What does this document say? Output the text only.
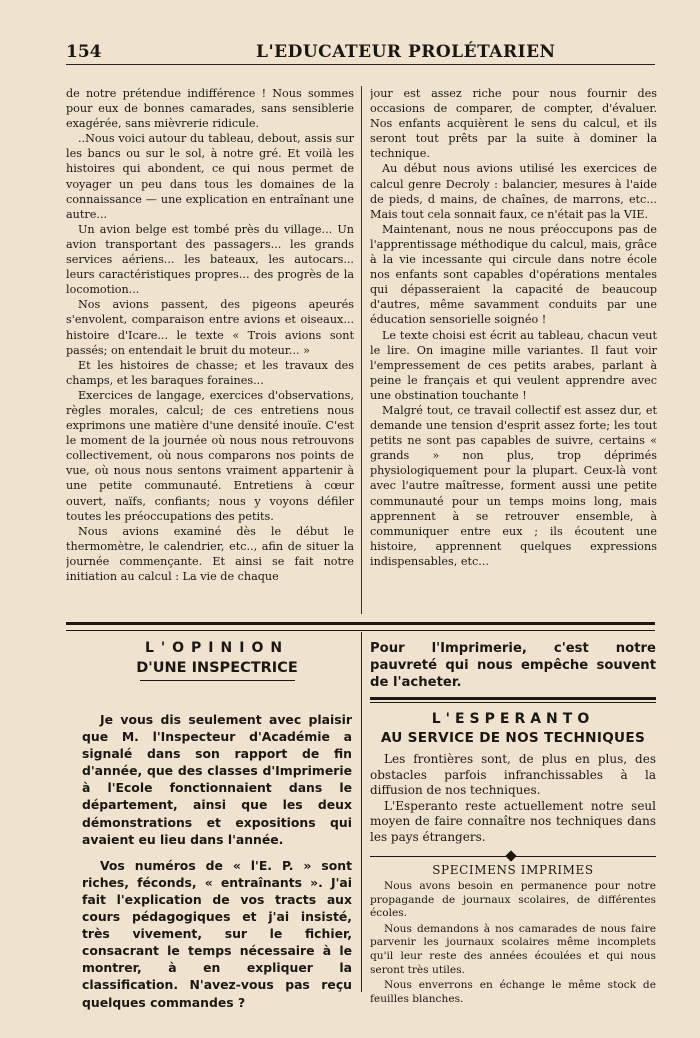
154	L'EDUCATEUR PROLÉTARIEN

de notre prétendue indifférence ! Nous sommes pour eux de bonnes camarades, sans sensiblerie exagérée, sans mièvrerie ridicule.

..Nous voici autour du tableau, debout, assis sur les bancs ou sur le sol, à notre gré. Et voilà les histoires qui abondent, ce qui nous permet de voyager un peu dans tous les domaines de la connaissance — une explication en entraînant une autre...

Un avion belge est tombé près du village... Un avion transportant des passagers... les grands services aériens... les bateaux, les autocars... leurs caractéristiques propres... des progrès de la locomotion...

Nos avions passent, des pigeons apeurés s'envolent, comparaison entre avions et oiseaux... histoire d'Icare... le texte « Trois avions sont passés; on entendait le bruit du moteur... »

Et les histoires de chasse; et les travaux des champs, et les baraques foraines...

Exercices de langage, exercices d'observations, règles morales, calcul; de ces entretiens nous exprimons une matière d'une densité inouïe. C'est le moment de la journée où nous nous retrouvons collectivement, où nous comparons nos points de vue, où nous nous sentons vraiment appartenir à une petite communauté. Entretiens à cœur ouvert, naïfs, confiants; nous y voyons défiler toutes les préoccupations des petits.

Nous avions examiné dès le début le thermomètre, le calendrier, etc.., afin de situer la journée commençante. Et ainsi se fait notre initiation au calcul : La vie de chaque

jour est assez riche pour nous fournir des occasions de comparer, de compter, d'évaluer. Nos enfants acquièrent le sens du calcul, et ils seront tout prêts par la suite à dominer la technique.

Au début nous avions utilisé les exercices de calcul genre Decroly : balancier, mesures à l'aide de pieds, d mains, de chaînes, de marrons, etc... Mais tout cela sonnait faux, ce n'était pas la VIE.

Maintenant, nous ne nous préoccupons pas de l'apprentissage méthodique du calcul, mais, grâce à la vie incessante qui circule dans notre école nos enfants sont capables d'opérations mentales qui dépasseraient la capacité de beaucoup d'autres, même savamment conduits par une éducation sensorielle soignéo !

Le texte choisi est écrit au tableau, chacun veut le lire. On imagine mille variantes. Il faut voir l'empressement de ces petits arabes, parlant à peine le français et qui veulent apprendre avec une obstination touchante !

Malgré tout, ce travail collectif est assez dur, et demande une tension d'esprit assez forte; les tout petits ne sont pas capables de suivre, certains « grands » non plus, trop déprimés physiologiquement pour la plupart. Ceux-là vont avec l'autre maîtresse, forment aussi une petite communauté pour un temps moins long, mais apprennent à se retrouver ensemble, à communiquer entre eux ; ils écoutent une histoire, apprennent quelques expressions indispensables, etc...

L'OPINION
D'UNE INSPECTRICE

Je vous dis seulement avec plaisir que M. l'Inspecteur d'Académie a signalé dans son rapport de fin d'année, que des classes d'Imprimerie à l'Ecole fonctionnaient dans le département, ainsi que les deux démonstrations et expositions qui avaient eu lieu dans l'année.

Vos numéros de « l'E. P. » sont riches, féconds, « entraînants ». J'ai fait l'explication de vos tracts aux cours pédagogiques et j'ai insisté, très vivement, sur le fichier, consacrant le temps nécessaire à le montrer, à en expliquer la classification. N'avez-vous pas reçu quelques commandes ?

Pour l'Imprimerie, c'est notre pauvreté qui nous empêche souvent de l'acheter.
L'ESPERANTO
AU SERVICE DE NOS TECHNIQUES

Les frontières sont, de plus en plus, des obstacles parfois infranchissables à la diffusion de nos techniques.

L'Esperanto reste actuellement notre seul moyen de faire connaître nos techniques dans les pays étrangers.

SPECIMENS IMPRIMES

Nous avons besoin en permanence pour notre propagande de journaux scolaires, de différentes écoles.

Nous demandons à nos camarades de nous faire parvenir les journaux scolaires même incomplets qu'il leur reste des années écoulées et qui nous seront très utiles.

Nous enverrons en échange le même stock de feuilles blanches.
